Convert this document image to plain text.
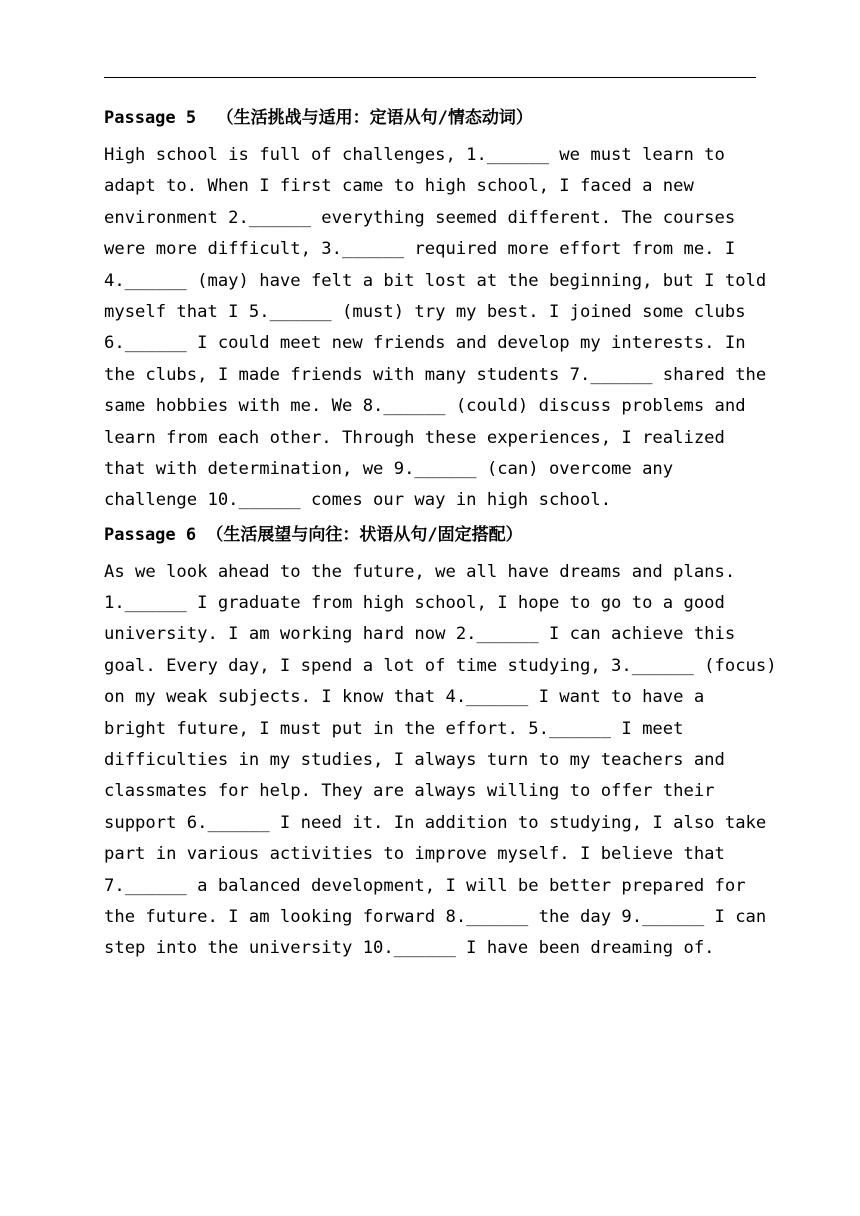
Passage 5  （生活挑战与适用：定语从句/情态动词）
High school is full of challenges, 1.______ we must learn to
adapt to. When I first came to high school, I faced a new
environment 2.______ everything seemed different. The courses
were more difficult, 3.______ required more effort from me. I
4.______ (may) have felt a bit lost at the beginning, but I told
myself that I 5.______ (must) try my best. I joined some clubs
6.______ I could meet new friends and develop my interests. In
the clubs, I made friends with many students 7.______ shared the
same hobbies with me. We 8.______ (could) discuss problems and
learn from each other. Through these experiences, I realized
that with determination, we 9.______ (can) overcome any
challenge 10.______ comes our way in high school.
Passage 6 （生活展望与向往：状语从句/固定搭配）
As we look ahead to the future, we all have dreams and plans.
1.______ I graduate from high school, I hope to go to a good
university. I am working hard now 2.______ I can achieve this
goal. Every day, I spend a lot of time studying, 3.______ (focus)
on my weak subjects. I know that 4.______ I want to have a
bright future, I must put in the effort. 5.______ I meet
difficulties in my studies, I always turn to my teachers and
classmates for help. They are always willing to offer their
support 6.______ I need it. In addition to studying, I also take
part in various activities to improve myself. I believe that
7.______ a balanced development, I will be better prepared for
the future. I am looking forward 8.______ the day 9.______ I can
step into the university 10.______ I have been dreaming of.
